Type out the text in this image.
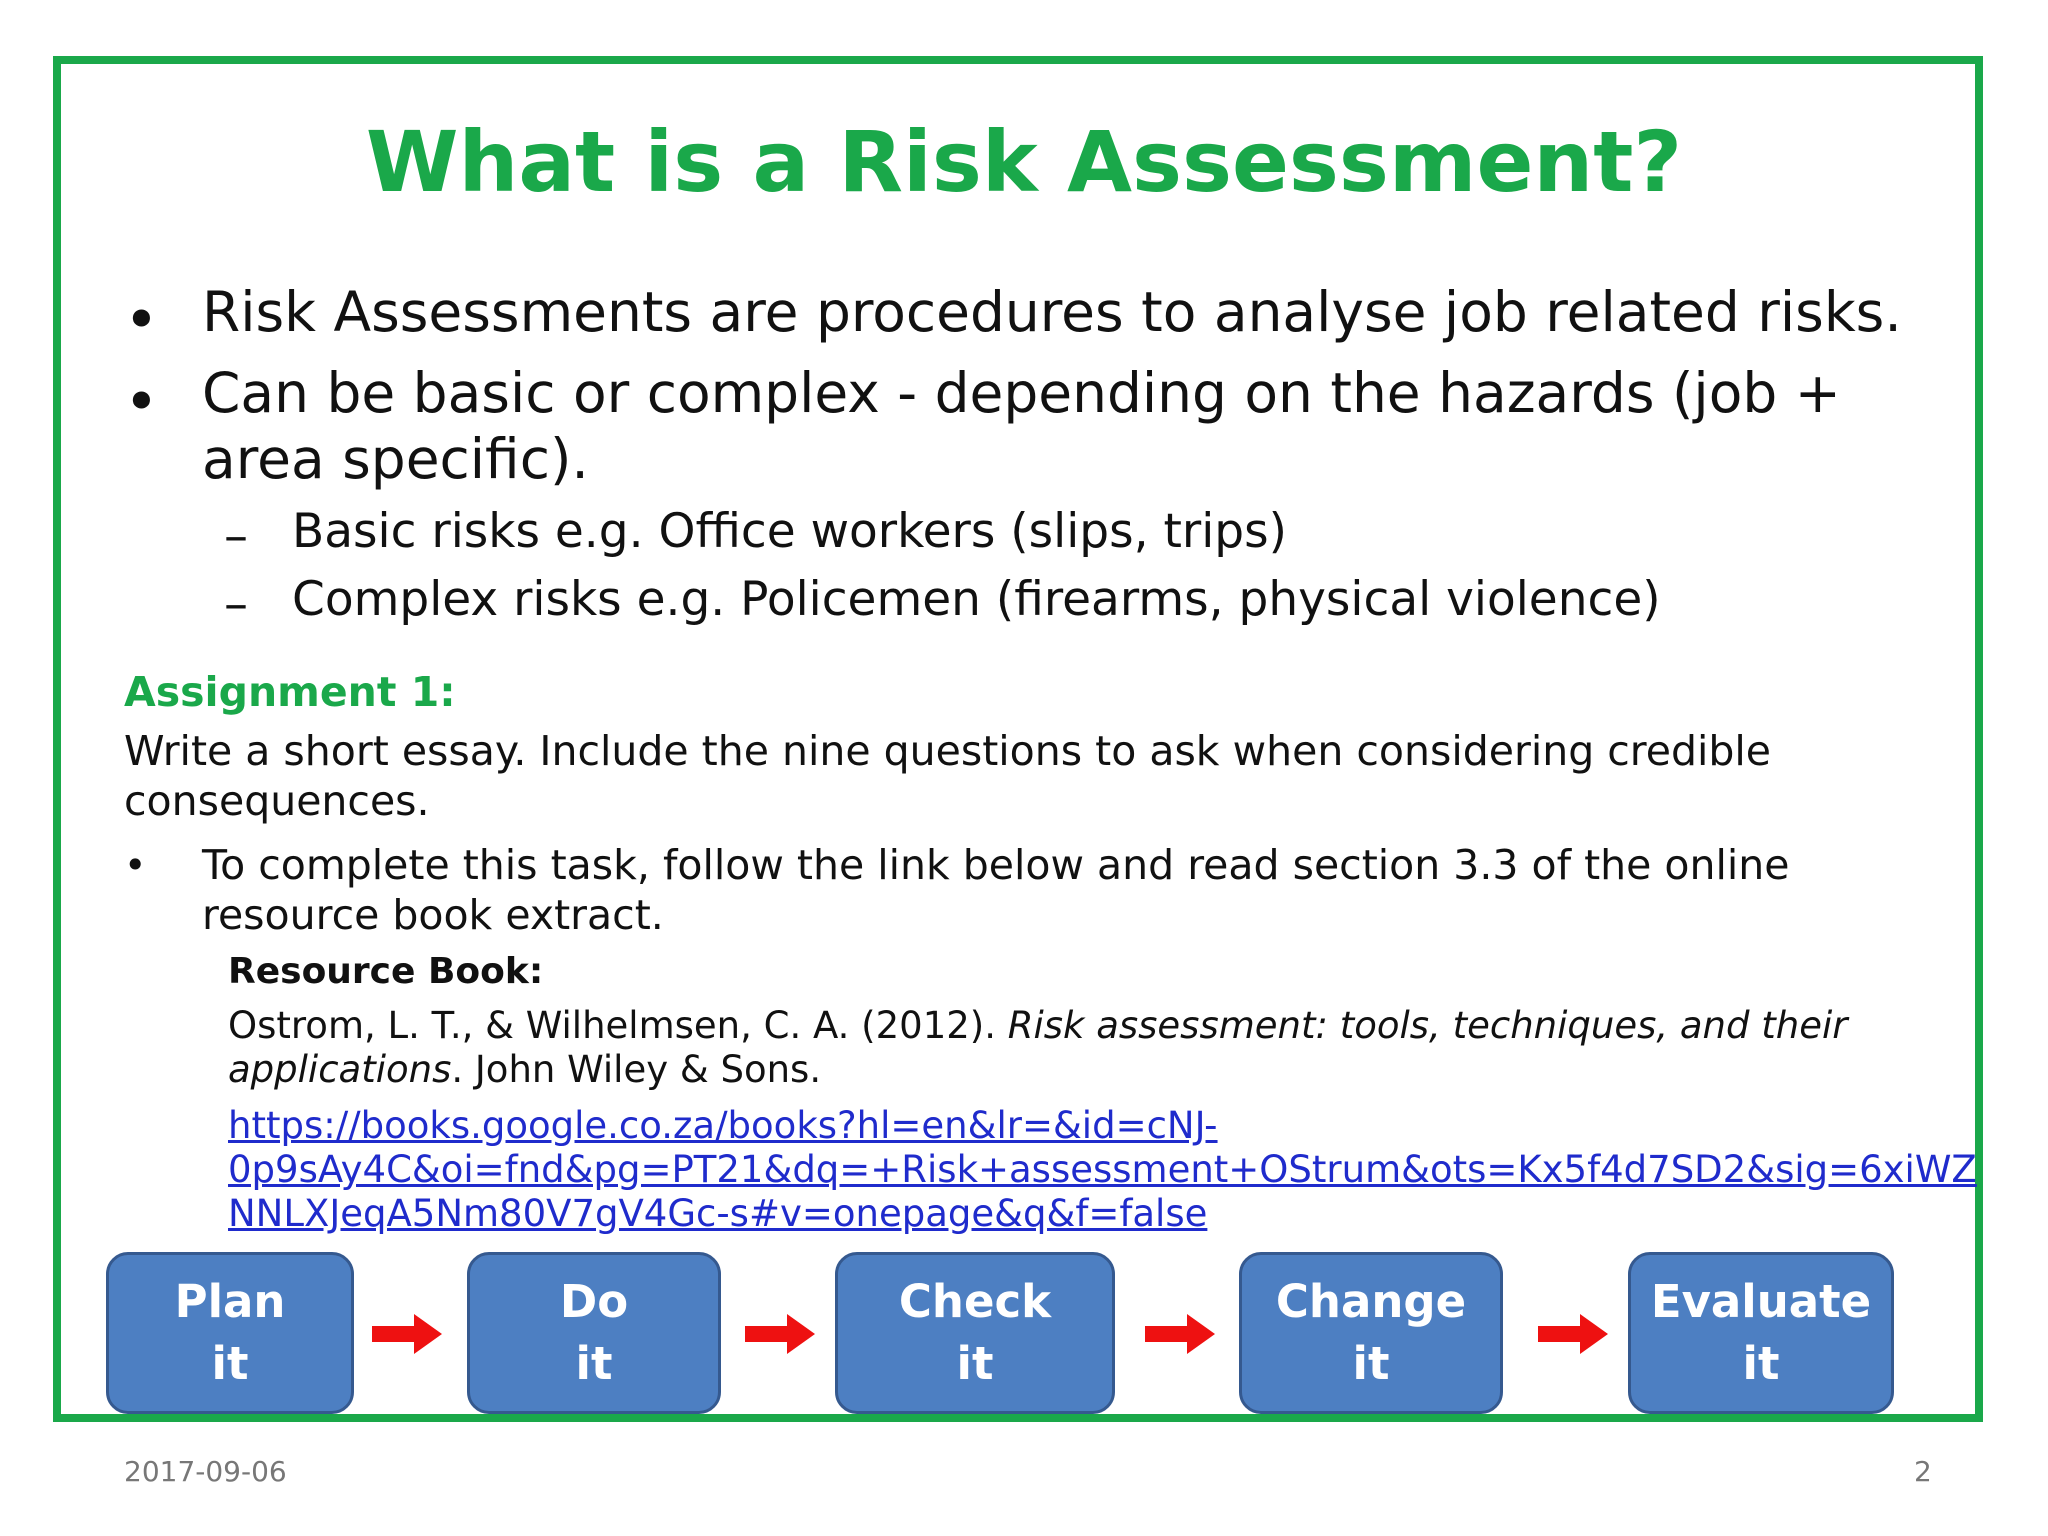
What is a Risk Assessment?
• Risk Assessments are procedures to analyse job related risks.
• Can be basic or complex - depending on the hazards (job +
area specific).
– Basic risks e.g. Office workers (slips, trips)
– Complex risks e.g. Policemen (firearms, physical violence)
Assignment 1:
Write a short essay. Include the nine questions to ask when considering credible consequences.
• To complete this task, follow the link below and read section 3.3 of the online resource book extract.
Resource Book:
Ostrom, L. T., & Wilhelmsen, C. A. (2012). Risk assessment: tools, techniques, and their applications. John Wiley & Sons.
https://books.google.co.za/books?hl=en&lr=&id=cNJ-
0p9sAy4C&oi=fnd&pg=PT21&dq=+Risk+assessment+OStrum&ots=Kx5f4d7SD2&sig=6xiWZ
NNLXJeqA5Nm80V7gV4Gc-s#v=onepage&q&f=false
Plan
it
Do
it
Check
it
Change
it
Evaluate
it
2017-09-06	2
